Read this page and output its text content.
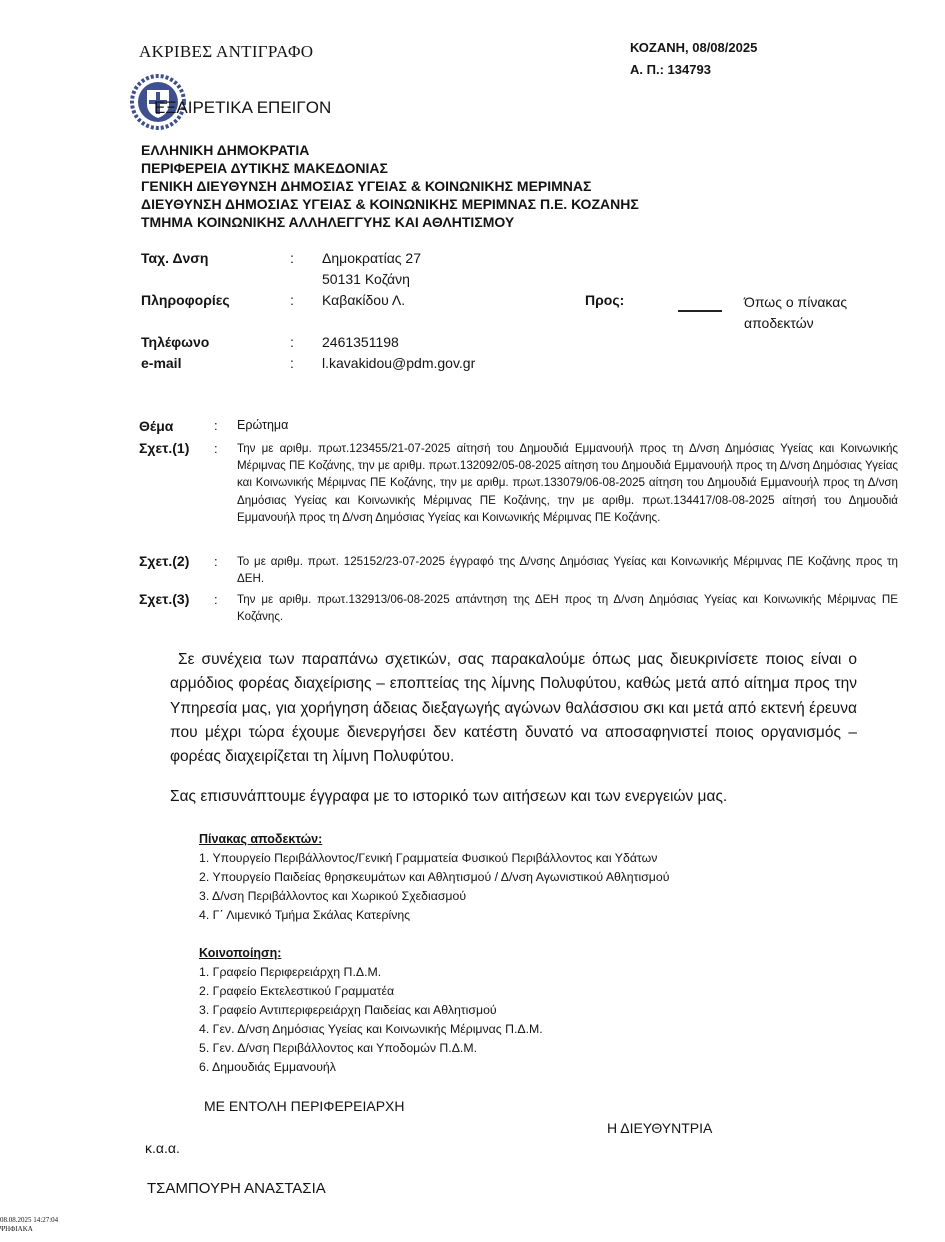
ΑΚΡΙΒΕΣ ΑΝΤΙΓΡΑΦΟ	ΚΟΖΑΝΗ, 08/08/2025
Α. Π.: 134793
ΕΞΑΙΡΕΤΙΚΑ ΕΠΕΙΓΟΝ
ΕΛΛΗΝΙΚΗ ΔΗΜΟΚΡΑΤΙΑ
ΠΕΡΙΦΕΡΕΙΑ ΔΥΤΙΚΗΣ ΜΑΚΕΔΟΝΙΑΣ
ΓΕΝΙΚΗ ΔΙΕΥΘΥΝΣΗ ΔΗΜΟΣΙΑΣ ΥΓΕΙΑΣ & ΚΟΙΝΩΝΙΚΗΣ ΜΕΡΙΜΝΑΣ
ΔΙΕΥΘΥΝΣΗ ΔΗΜΟΣΙΑΣ ΥΓΕΙΑΣ & ΚΟΙΝΩΝΙΚΗΣ ΜΕΡΙΜΝΑΣ Π.Ε. ΚΟΖΑΝΗΣ
ΤΜΗΜΑ ΚΟΙΝΩΝΙΚΗΣ ΑΛΛΗΛΕΓΓΥΗΣ ΚΑΙ ΑΘΛΗΤΙΣΜΟΥ
Ταχ. Δνση	: Δημοκρατίας 27
50131 Κοζάνη
Πληροφορίες	: Καβακίδου Λ.
Τηλέφωνο	: 2461351198
e-mail	: l.kavakidou@pdm.gov.gr
Προς:	Όπως ο πίνακας αποδεκτών
Θέμα	: Ερώτημα
Σχετ.(1) : Την με αριθμ. πρωτ.123455/21-07-2025 αίτησή του Δημουδιά Εμμανουήλ προς τη Δ/νση Δημόσιας Υγείας και Κοινωνικής Μέριμνας ΠΕ Κοζάνης, την με αριθμ. πρωτ.132092/05-08-2025 αίτηση του Δημουδιά Εμμανουήλ προς τη Δ/νση Δημόσιας Υγείας και Κοινωνικής Μέριμνας ΠΕ Κοζάνης, την με αριθμ. πρωτ.133079/06-08-2025 αίτηση του Δημουδιά Εμμανουήλ προς τη Δ/νση Δημόσιας Υγείας και Κοινωνικής Μέριμνας ΠΕ Κοζάνης, την με αριθμ. πρωτ.134417/08-08-2025 αίτησή του Δημουδιά Εμμανουήλ προς τη Δ/νση Δημόσιας Υγείας και Κοινωνικής Μέριμνας ΠΕ Κοζάνης.
Σχετ.(2) : Το με αριθμ. πρωτ. 125152/23-07-2025 έγγραφό της Δ/νσης Δημόσιας Υγείας και Κοινωνικής Μέριμνας ΠΕ Κοζάνης προς τη ΔΕΗ.
Σχετ.(3) : Την με αριθμ. πρωτ.132913/06-08-2025 απάντηση της ΔΕΗ προς τη Δ/νση Δημόσιας Υγείας και Κοινωνικής Μέριμνας ΠΕ Κοζάνης.
Σε συνέχεια των παραπάνω σχετικών, σας παρακαλούμε όπως μας διευκρινίσετε ποιος είναι ο αρμόδιος φορέας διαχείρισης – εποπτείας της λίμνης Πολυφύτου, καθώς μετά από αίτημα προς την Υπηρεσία μας, για χορήγηση άδειας διεξαγωγής αγώνων θαλάσσιου σκι και μετά από εκτενή έρευνα που μέχρι τώρα έχουμε διενεργήσει δεν κατέστη δυνατό να αποσαφηνιστεί ποιος οργανισμός – φορέας διαχειρίζεται τη λίμνη Πολυφύτου.
Σας επισυνάπτουμε έγγραφα με το ιστορικό των αιτήσεων και των ενεργειών μας.
Πίνακας αποδεκτών:
1. Υπουργείο Περιβάλλοντος/Γενική Γραμματεία Φυσικού Περιβάλλοντος και Υδάτων
2. Υπουργείο Παιδείας θρησκευμάτων και Αθλητισμού / Δ/νση Αγωνιστικού Αθλητισμού
3. Δ/νση Περιβάλλοντος και Χωρικού Σχεδιασμού
4. Γ΄ Λιμενικό Τμήμα Σκάλας Κατερίνης
Κοινοποίηση:
1. Γραφείο Περιφερειάρχη Π.Δ.Μ.
2. Γραφείο Εκτελεστικού Γραμματέα
3. Γραφείο Αντιπεριφερειάρχη Παιδείας και Αθλητισμού
4. Γεν. Δ/νση Δημόσιας Υγείας και Κοινωνικής Μέριμνας Π.Δ.Μ.
5. Γεν. Δ/νση Περιβάλλοντος και Υποδομών Π.Δ.Μ.
6. Δημουδιάς Εμμανουήλ
ΜΕ ΕΝΤΟΛΗ ΠΕΡΙΦΕΡΕΙΑΡΧΗ
Η ΔΙΕΥΘΥΝΤΡΙΑ
κ.α.α.
ΤΣΑΜΠΟΥΡΗ ΑΝΑΣΤΑΣΙΑ
08.08.2025 14:27:04
ΨΗΦΙΑΚΑ
